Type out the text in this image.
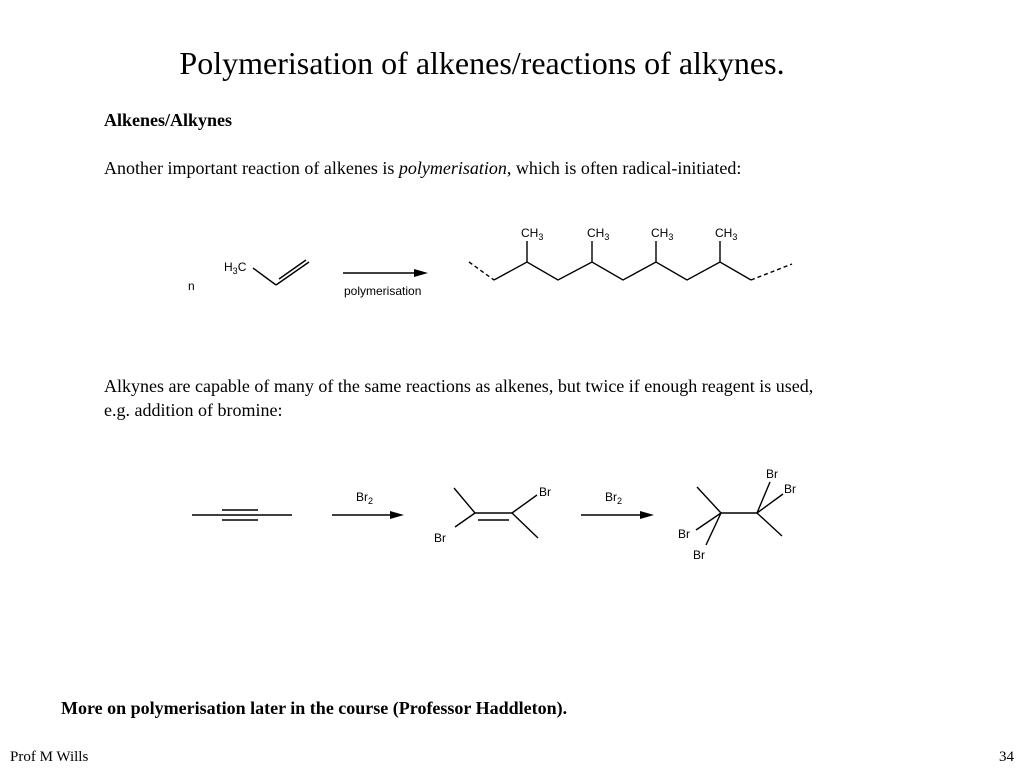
Polymerisation of alkenes/reactions of alkynes.
Alkenes/Alkynes
Another important reaction of alkenes is polymerisation, which is often radical-initiated:
Alkynes are capable of many of the same reactions as alkenes, but twice if enough reagent is used, e.g. addition of bromine:
n
$H_3C$
polymerisation
$CH_3$	$CH_3$	$CH_3$	$CH_3$
$Br_2$
Br
Br
$Br_2$
Br
Br
Br
Br
More on polymerisation later in the course (Professor Haddleton).
Prof M Wills	34
